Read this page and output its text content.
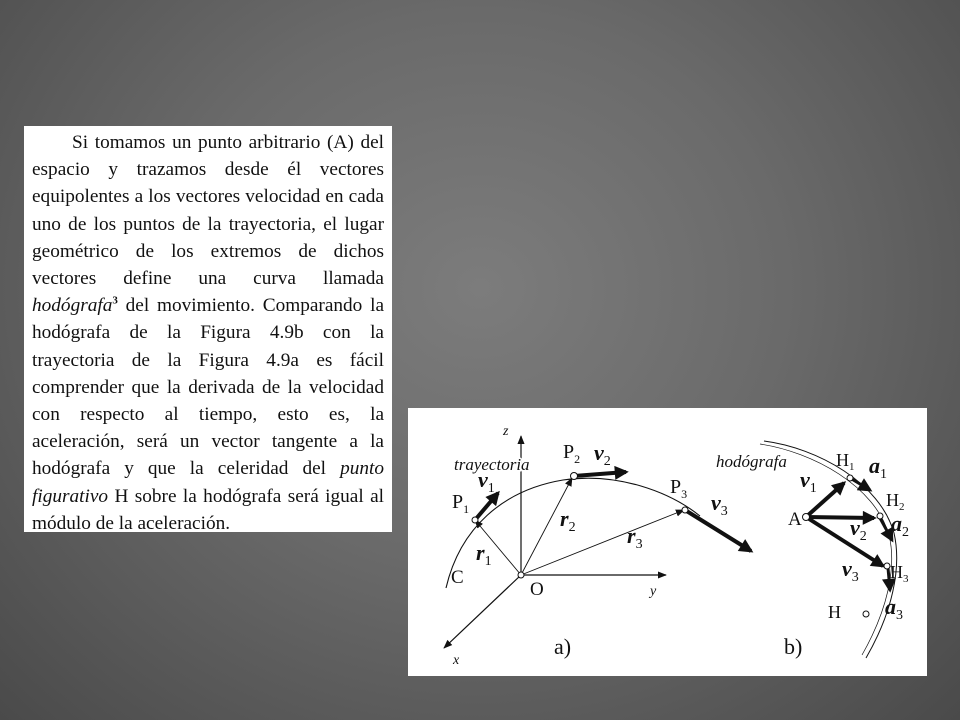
Si tomamos un punto arbitrario (A) del espacio y trazamos desde él vectores equipolentes a los vectores velocidad en cada uno de los puntos de la trayectoria, el lugar geométrico de los extremos de dichos vectores define una curva llamada hodógrafa$^3$ del movimiento. Comparando la hodógrafa de la Figura 4.9b con la trayectoria de la Figura 4.9a es fácil comprender que la derivada de la velocidad con respecto al tiempo, esto es, la aceleración, será un vector tangente a la hodógrafa y que la celeridad del punto figurativo H sobre la hodógrafa será igual al módulo de la aceleración.

z
y
x
trayectoria
O
C
$P_1$
$P_2$
$P_3$
$v_1$
$v_2$
$v_3$
$r_1$
$r_2$ $r_3$
a)
hodógrafa
A
H
$H_1$
$H_2$
$H_3$
$v_1$
$v_2$
$v_3$
$a_1$
$a_2$
$a_3$
b)
